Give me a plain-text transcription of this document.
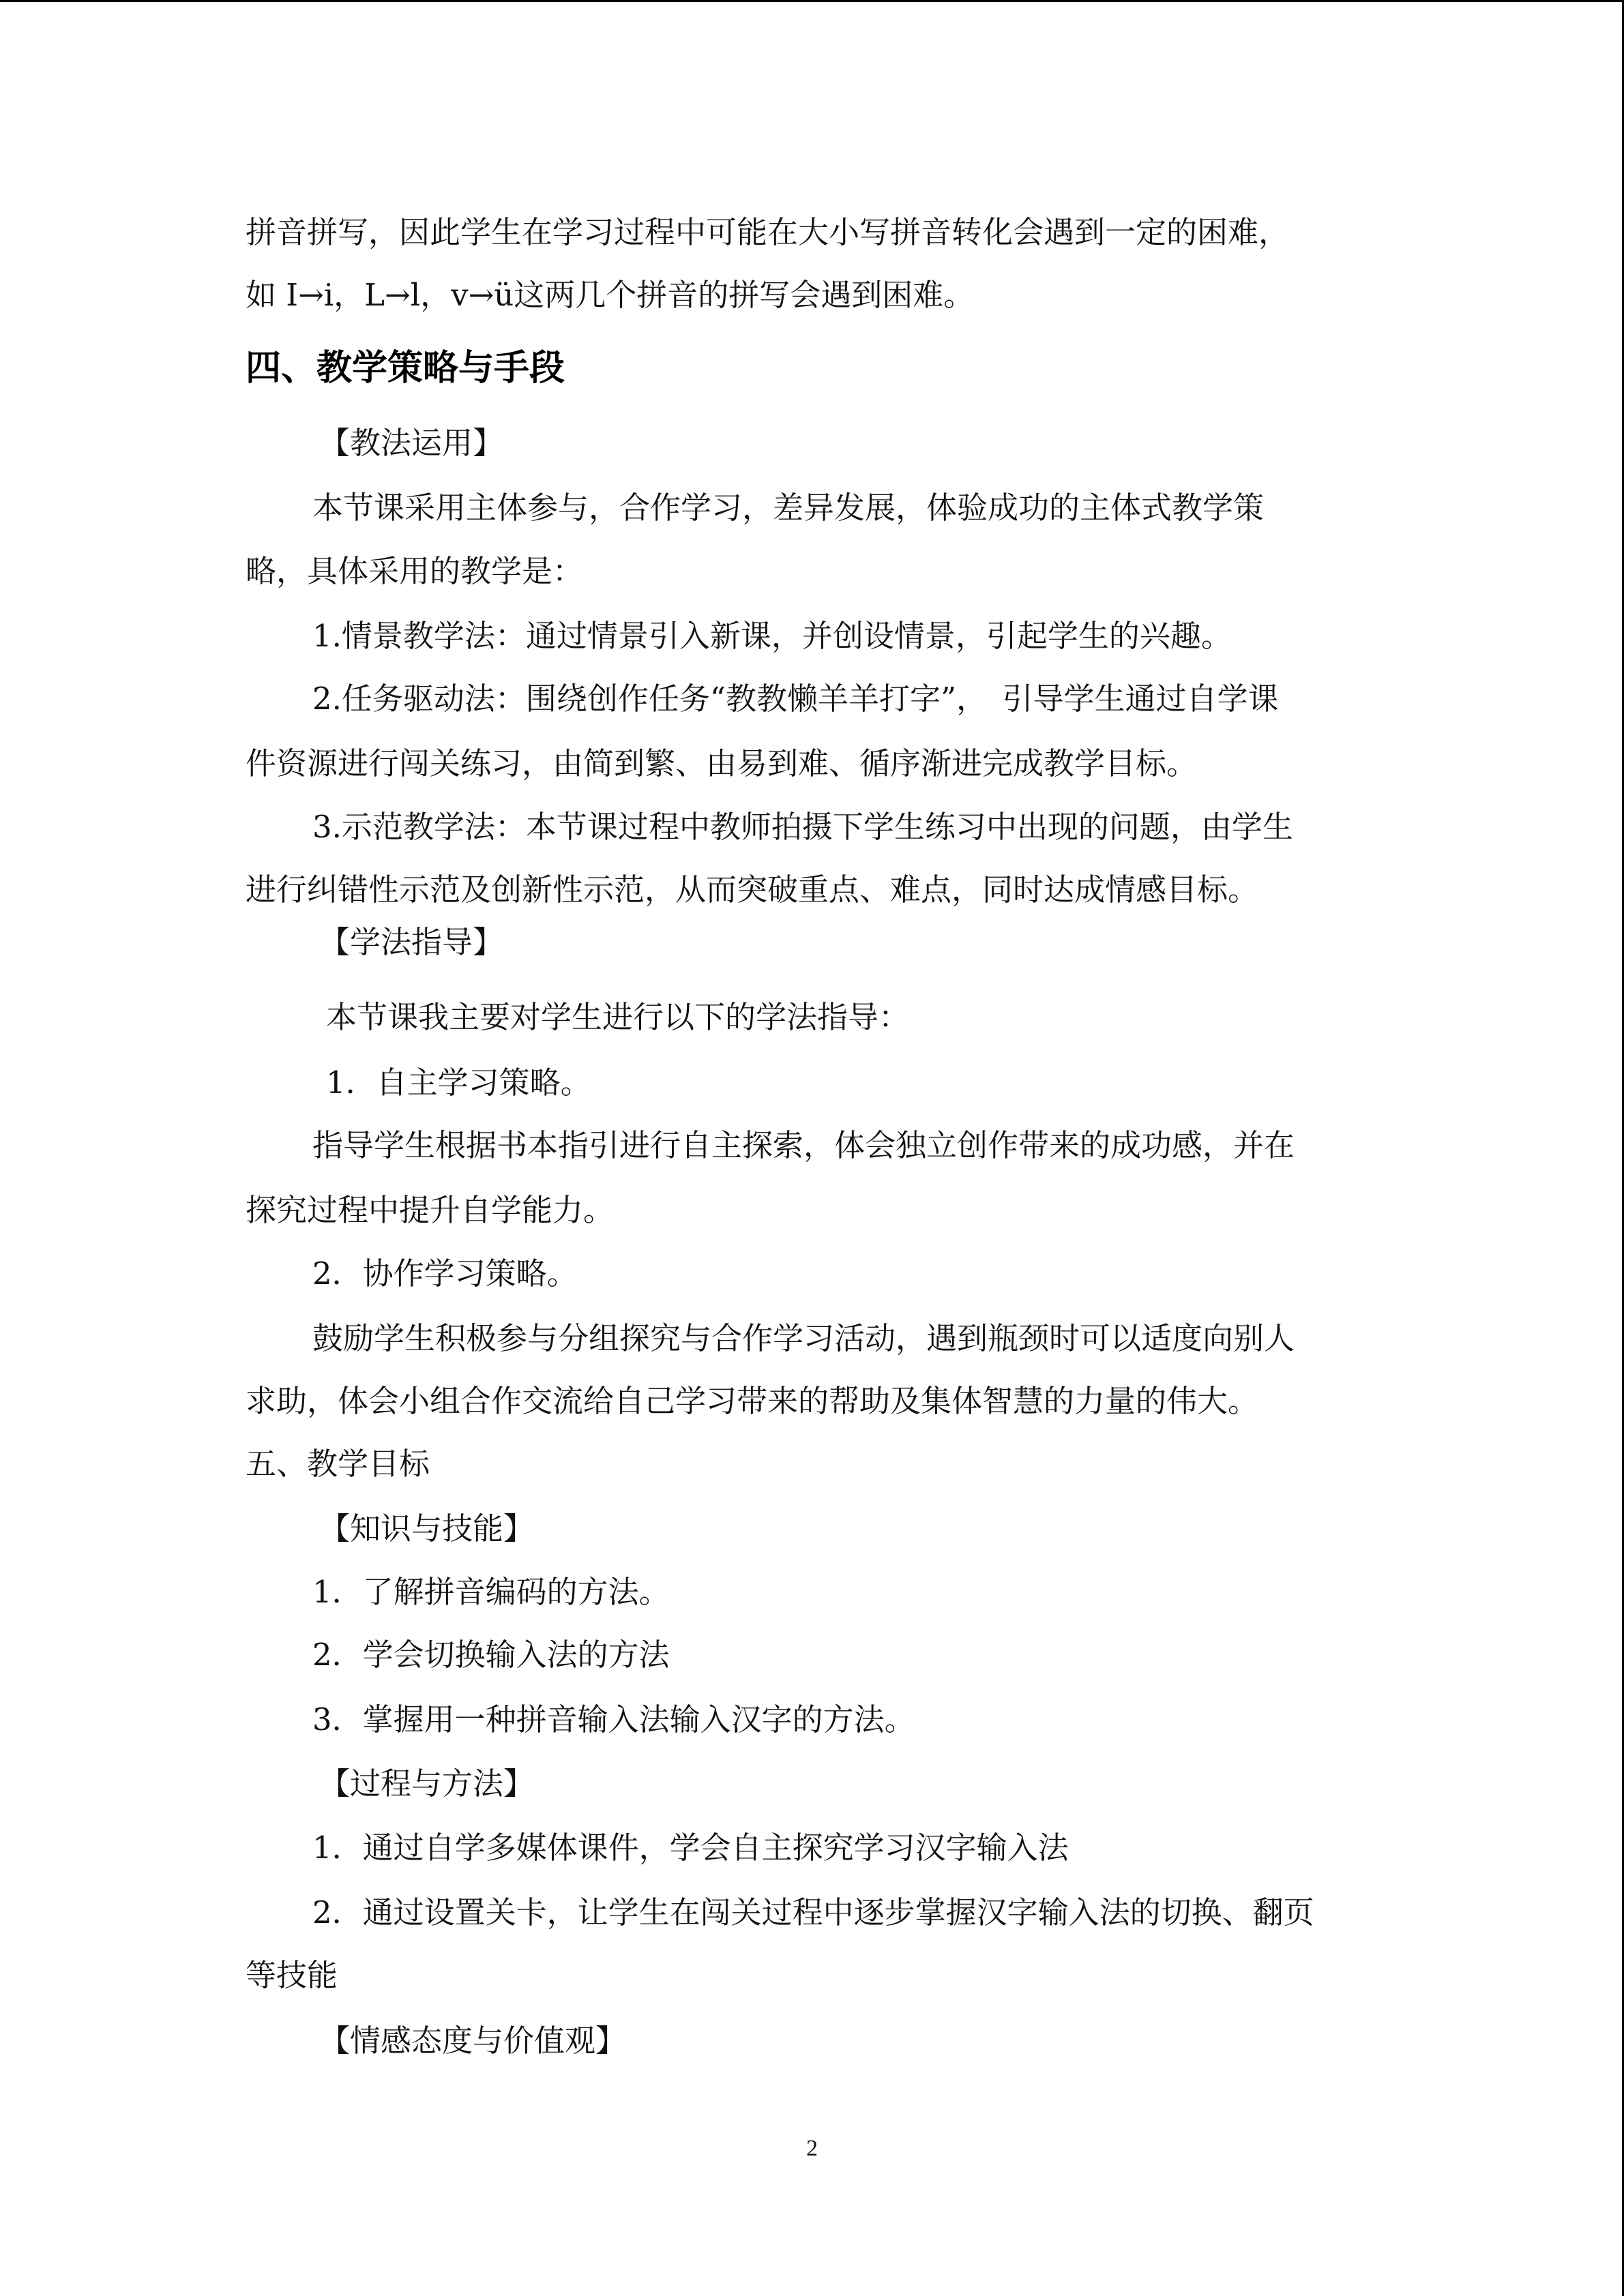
拼音拼写，因此学生在学习过程中可能在大小写拼音转化会遇到一定的困难，

如 I→i，L→l，v→ü这两几个拼音的拼写会遇到困难。

四、教学策略与手段

【教法运用】

本节课采用主体参与，合作学习，差异发展，体验成功的主体式教学策

略，具体采用的教学是：

1.情景教学法：通过情景引入新课，并创设情景，引起学生的兴趣。

2.任务驱动法：围绕创作任务“教教懒羊羊打字”，　引导学生通过自学课

件资源进行闯关练习，由简到繁、由易到难、循序渐进完成教学目标。

3.示范教学法：本节课过程中教师拍摄下学生练习中出现的问题，由学生

进行纠错性示范及创新性示范，从而突破重点、难点，同时达成情感目标。

【学法指导】

本节课我主要对学生进行以下的学法指导：

1．自主学习策略。

指导学生根据书本指引进行自主探索，体会独立创作带来的成功感，并在

探究过程中提升自学能力。

2．协作学习策略。

鼓励学生积极参与分组探究与合作学习活动，遇到瓶颈时可以适度向别人

求助，体会小组合作交流给自己学习带来的帮助及集体智慧的力量的伟大。

五、教学目标

【知识与技能】

1．了解拼音编码的方法。

2．学会切换输入法的方法

3．掌握用一种拼音输入法输入汉字的方法。

【过程与方法】

1．通过自学多媒体课件，学会自主探究学习汉字输入法

2．通过设置关卡，让学生在闯关过程中逐步掌握汉字输入法的切换、翻页

等技能

【情感态度与价值观】

2
